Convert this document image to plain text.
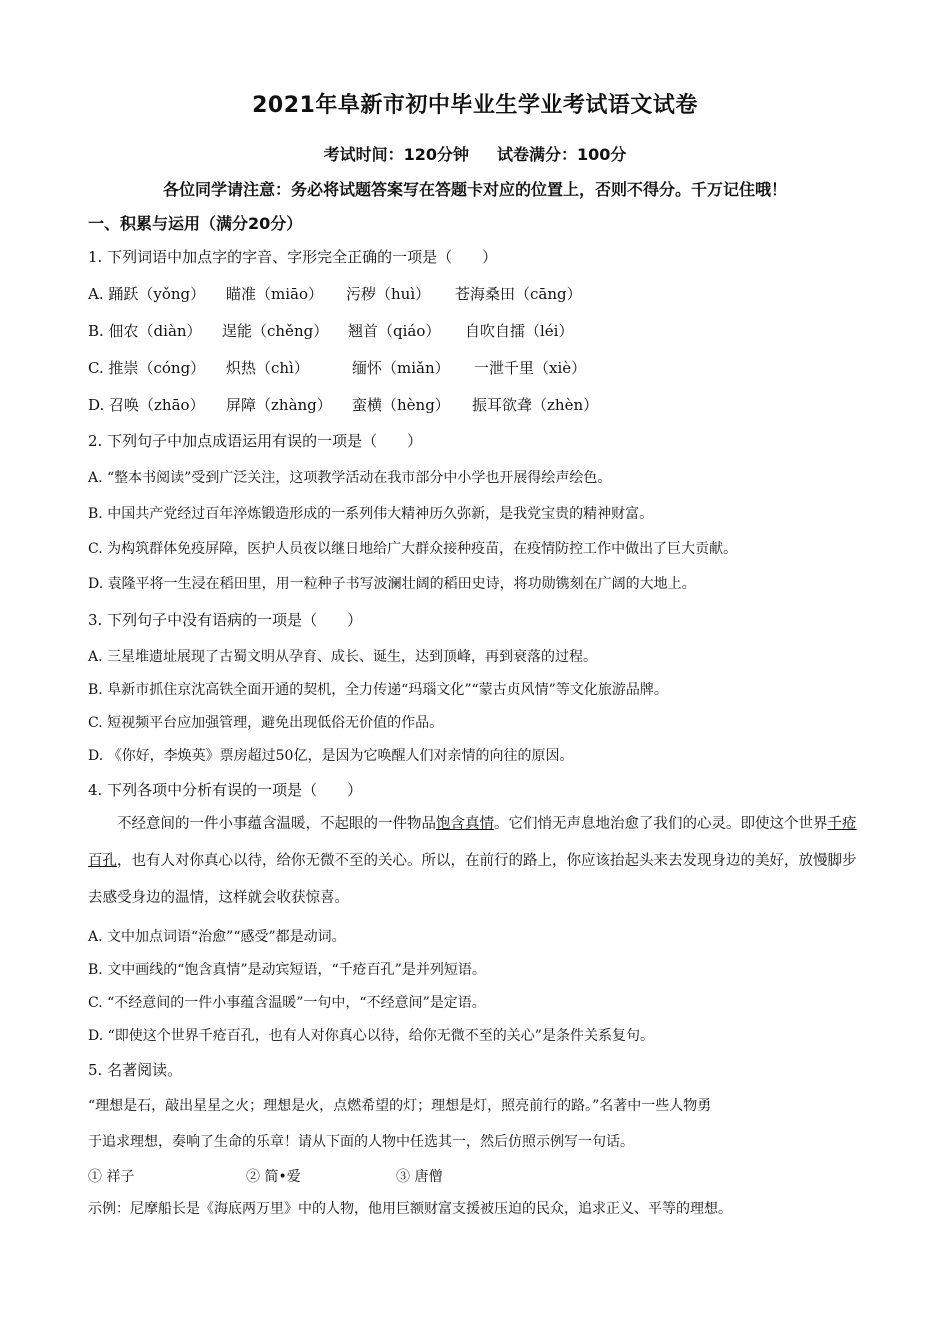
2021年阜新市初中毕业生学业考试语文试卷
考试时间：120分钟 试卷满分：100分
各位同学请注意：务必将试题答案写在答题卡对应的位置上，否则不得分。千万记住哦！
一、积累与运用（满分20分）
1. 下列词语中加点字的字音、字形完全正确的一项是（　　）
A. 踊跃（yǒng） 瞄准（miāo） 污秽（huì） 苍海桑田（cāng）
B. 佃农（diàn） 逞能（chěng） 翘首（qiáo） 自吹自擂（léi）
C. 推崇（cóng） 炽热（chì）	缅怀（miǎn） 一泄千里（xiè）
D. 召唤（zhāo） 屏障（zhàng） 蛮横（hèng） 振耳欲聋（zhèn）
2. 下列句子中加点成语运用有误的一项是（　　）
A. “整本书阅读”受到广泛关注，这项教学活动在我市部分中小学也开展得绘声绘色。
B. 中国共产党经过百年淬炼锻造形成的一系列伟大精神历久弥新，是我党宝贵的精神财富。
C. 为构筑群体免疫屏障，医护人员夜以继日地给广大群众接种疫苗，在疫情防控工作中做出了巨大贡献。
D. 袁隆平将一生浸在稻田里，用一粒种子书写波澜壮阔的稻田史诗，将功勋镌刻在广阔的大地上。
3. 下列句子中没有语病的一项是（　　）
A. 三星堆遗址展现了古蜀文明从孕育、成长、诞生，达到顶峰，再到衰落的过程。
B. 阜新市抓住京沈高铁全面开通的契机，全力传递“玛瑙文化”“蒙古贞风情”等文化旅游品牌。
C. 短视频平台应加强管理，避免出现低俗无价值的作品。
D. 《你好，李焕英》票房超过50亿，是因为它唤醒人们对亲情的向往的原因。
4. 下列各项中分析有误的一项是（　　）
不经意间的一件小事蕴含温暖，不起眼的一件物品饱含真情。它们悄无声息地治愈了我们的心灵。即使这个世界千疮百孔，也有人对你真心以待，给你无微不至的关心。所以，在前行的路上，你应该抬起头来去发现身边的美好，放慢脚步去感受身边的温情，这样就会收获惊喜。
A. 文中加点词语“治愈”“感受”都是动词。
B. 文中画线的“饱含真情”是动宾短语，“千疮百孔”是并列短语。
C. “不经意间的一件小事蕴含温暖”一句中，“不经意间”是定语。
D. “即使这个世界千疮百孔，也有人对你真心以待，给你无微不至的关心”是条件关系复句。
5. 名著阅读。
“理想是石，敲出星星之火；理想是火，点燃希望的灯；理想是灯，照亮前行的路。”名著中一些人物勇
于追求理想，奏响了生命的乐章！请从下面的人物中任选其一，然后仿照示例写一句话。
① 祥子	② 简•爱	③ 唐僧
示例：尼摩船长是《海底两万里》中的人物，他用巨额财富支援被压迫的民众，追求正义、平等的理想。
